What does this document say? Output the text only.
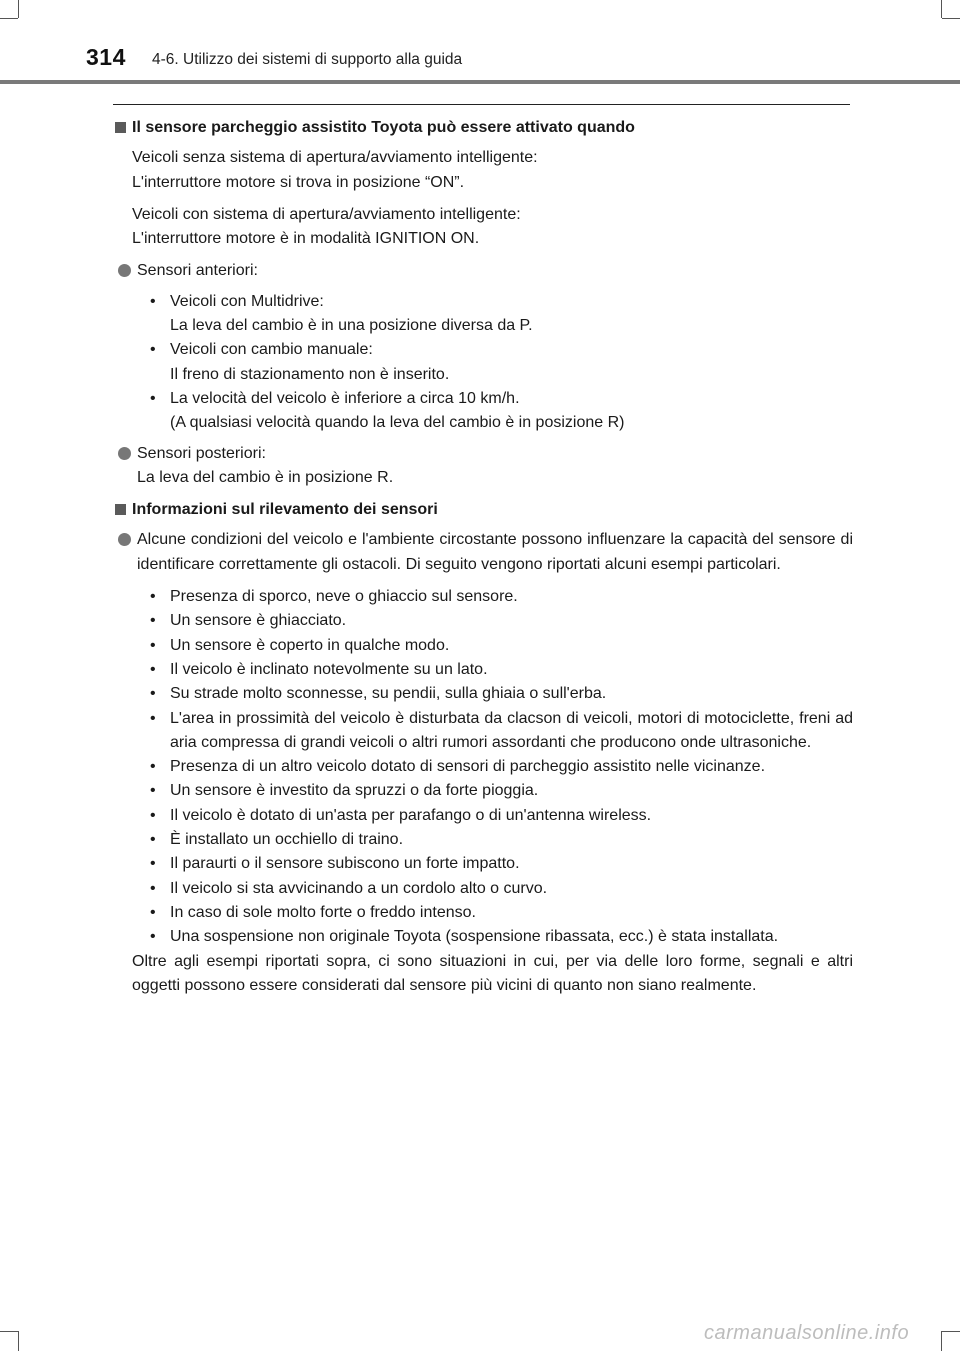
314 4-6. Utilizzo dei sistemi di supporto alla guida
Il sensore parcheggio assistito Toyota può essere attivato quando
Veicoli senza sistema di apertura/avviamento intelligente:
L'interruttore motore si trova in posizione “ON”.
Veicoli con sistema di apertura/avviamento intelligente:
L'interruttore motore è in modalità IGNITION ON.
Sensori anteriori:
• Veicoli con Multidrive:
La leva del cambio è in una posizione diversa da P.
• Veicoli con cambio manuale:
Il freno di stazionamento non è inserito.
• La velocità del veicolo è inferiore a circa 10 km/h.
(A qualsiasi velocità quando la leva del cambio è in posizione R)
Sensori posteriori:
La leva del cambio è in posizione R.
Informazioni sul rilevamento dei sensori
Alcune condizioni del veicolo e l'ambiente circostante possono influenzare la capacità del sensore di identificare correttamente gli ostacoli. Di seguito vengono riportati alcuni esempi particolari.
• Presenza di sporco, neve o ghiaccio sul sensore.
• Un sensore è ghiacciato.
• Un sensore è coperto in qualche modo.
• Il veicolo è inclinato notevolmente su un lato.
• Su strade molto sconnesse, su pendii, sulla ghiaia o sull'erba.
• L'area in prossimità del veicolo è disturbata da clacson di veicoli, motori di motociclette, freni ad aria compressa di grandi veicoli o altri rumori assordanti che producono onde ultrasoniche.
• Presenza di un altro veicolo dotato di sensori di parcheggio assistito nelle vicinanze.
• Un sensore è investito da spruzzi o da forte pioggia.
• Il veicolo è dotato di un'asta per parafango o di un'antenna wireless.
• È installato un occhiello di traino.
• Il paraurti o il sensore subiscono un forte impatto.
• Il veicolo si sta avvicinando a un cordolo alto o curvo.
• In caso di sole molto forte o freddo intenso.
• Una sospensione non originale Toyota (sospensione ribassata, ecc.) è stata installata.
Oltre agli esempi riportati sopra, ci sono situazioni in cui, per via delle loro forme, segnali e altri oggetti possono essere considerati dal sensore più vicini di quanto non siano realmente.
carmanualsonline.info
